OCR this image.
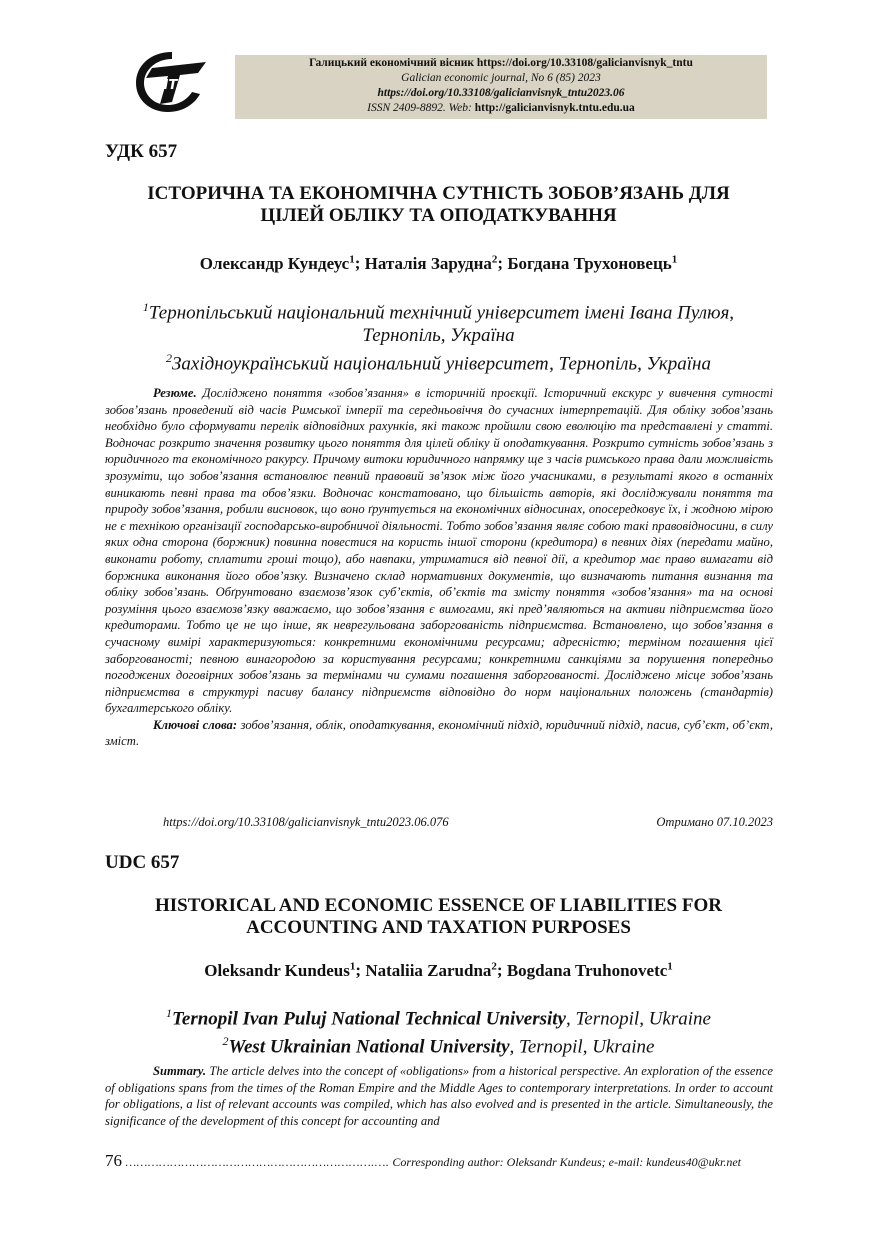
ТНТУ
Галицький економічний вісник https://doi.org/10.33108/galicianvisnyk_tntu
Galician economic journal, No 6 (85) 2023
https://doi.org/10.33108/galicianvisnyk_tntu2023.06
ISSN 2409-8892. Web: http://galicianvisnyk.tntu.edu.ua
УДК 657
ІСТОРИЧНА ТА ЕКОНОМІЧНА СУТНІСТЬ ЗОБОВ’ЯЗАНЬ ДЛЯ
ЦІЛЕЙ ОБЛІКУ ТА ОПОДАТКУВАННЯ
Олександр Кундеус$^1$; Наталія Зарудна$^2$; Богдана Трухоновець$^1$
$^1$Тернопільський національний технічний університет імені Івана Пулюя,
Тернопіль, Україна
$^2$Західноукраїнський національний університет, Тернопіль, Україна

Резюме. Досліджено поняття «зобов’язання» в історичній проєкції. Історичний екскурс у вивчення сутності зобов’язань проведений від часів Римської імперії та середньовіччя до сучасних інтерпретацій. Для обліку зобов’язань необхідно було сформувати перелік відповідних рахунків, які також пройшли свою еволюцію та представлені у статті. Водночас розкрито значення розвитку цього поняття для цілей обліку й оподаткування. Розкрито сутність зобов’язань з юридичного та економічного ракурсу. Причому витоки юридичного напрямку ще з часів римського права дали можливість зрозуміти, що зобов’язання встановлює певний правовий зв’язок між його учасниками, в результаті якого в останніх виникають певні права та обов’язки. Водночас констатовано, що більшість авторів, які досліджували поняття та природу зобов’язання, робили висновок, що воно ґрунтується на економічних відносинах, опосередковує їх, і жодною мірою не є технікою організації господарсько-виробничої діяльності. Тобто зобов’язання являє собою такі правовідносини, в силу яких одна сторона (боржник) повинна повестися на користь іншої сторони (кредитора) в певних діях (передати майно, виконати роботу, сплатити гроші тощо), або навпаки, утриматися від певної дії, а кредитор має право вимагати від боржника виконання його обов’язку. Визначено склад нормативних документів, що визначають питання визнання та обліку зобов’язань. Обґрунтовано взаємозв’язок суб’єктів, об’єктів та змісту поняття «зобов’язання» та на основі розуміння цього взаємозв’язку вважаємо, що зобов’язання є вимогами, які пред’являються на активи підприємства його кредиторами. Тобто це не що інше, як неврегульована заборгованість підприємства. Встановлено, що зобов’язання в сучасному вимірі характеризуються: конкретними економічними ресурсами; адресністю; терміном погашення цієї заборгованості; певною винагородою за користування ресурсами; конкретними санкціями за порушення попередньо погоджених договірних зобов’язань за термінами чи сумами погашення заборгованості. Досліджено місце зобов’язань підприємства в структурі пасиву балансу підприємств відповідно до норм національних положень (стандартів) бухгалтерського обліку.

Ключові слова: зобов’язання, облік, оподаткування, економічний підхід, юридичний підхід, пасив, суб’єкт, об’єкт, зміст.

https://doi.org/10.33108/galicianvisnyk_tntu2023.06.076	Отримано 07.10.2023
UDC 657
HISTORICAL AND ECONOMIC ESSENCE OF LIABILITIES FOR
ACCOUNTING AND TAXATION PURPOSES
Oleksandr Kundeus$^1$; Nataliia Zarudna$^2$; Bogdana Truhonovetc$^1$
$^1$Ternopil Ivan Puluj National Technical University, Ternopil, Ukraine
$^2$West Ukrainian National University, Ternopil, Ukraine

Summary. The article delves into the concept of «obligations» from a historical perspective. An exploration of the essence of obligations spans from the times of the Roman Empire and the Middle Ages to contemporary interpretations. In order to account for obligations, a list of relevant accounts was compiled, which has also evolved and is presented in the article. Simultaneously, the significance of the development of this concept for accounting and

76 ………………………………………………………….…. Corresponding author: Oleksandr Kundeus; e-mail: kundeus40@ukr.net
